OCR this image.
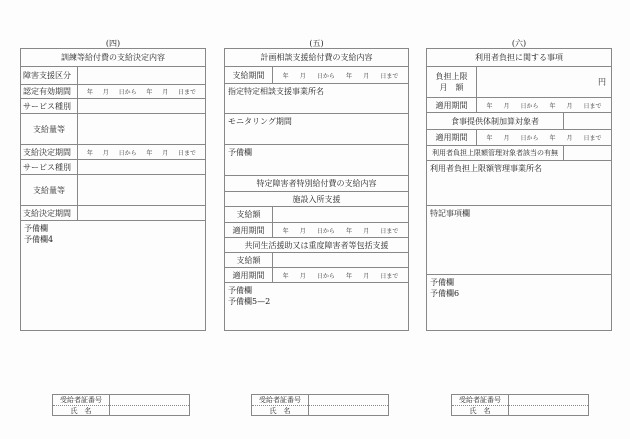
(四)
訓練等給付費の支給決定内容
障害支援区分
認定有効期間	年 月 日から 年 月 日まで
サービス種別
支給量等
支給決定期間	年 月 日から 年 月 日まで
サービス種別
支給量等
支給決定期間
予備欄
予備欄4
(五)
計画相談支援給付費の支給内容
支給期間	年 月 日から 年 月 日まで
指定特定相談支援事業所名
モニタリング期間
予備欄
特定障害者特別給付費の支給内容
施設入所支援
支給額
適用期間	年 月 日から 年 月 日まで
共同生活援助又は重度障害者等包括支援
支給額
適用期間	年 月 日から 年 月 日まで
予備欄
予備欄5—2
(六)
利用者負担に関する事項
負担上限
月　額
円
適用期間	年 月 日から 年 月 日まで
食事提供体制加算対象者
適用期間	年 月 日から 年 月 日まで
利用者負担上限額管理対象者該当の有無
利用者負担上限額管理事業所名
特記事項欄
予備欄
予備欄6
受給者証番号
氏　名
受給者証番号
氏　名
受給者証番号
氏　名
